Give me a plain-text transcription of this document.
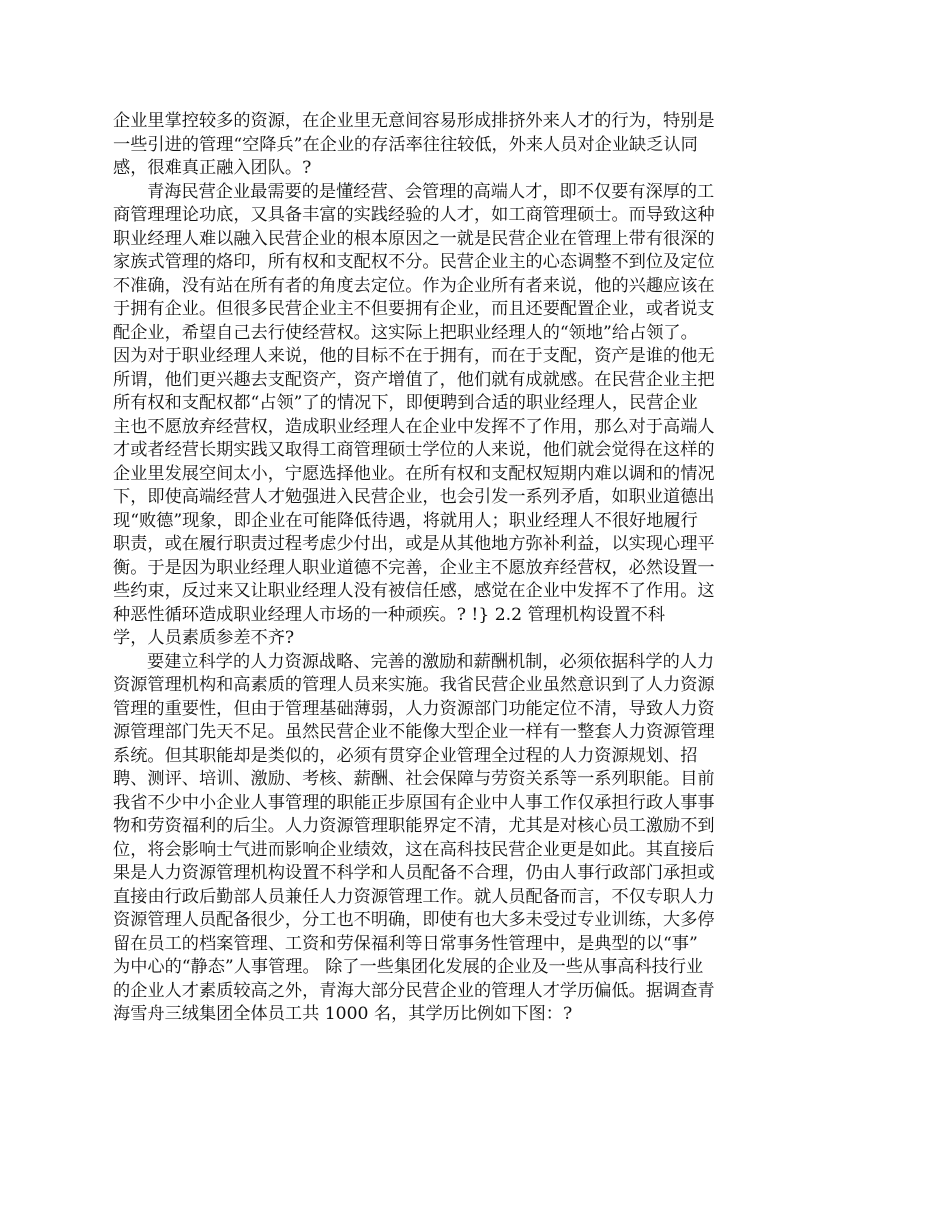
企业里掌控较多的资源，在企业里无意间容易形成排挤外来人才的行为，特别是
一些引进的管理“空降兵”在企业的存活率往往较低，外来人员对企业缺乏认同
感，很难真正融入团队。?
青海民营企业最需要的是懂经营、会管理的高端人才，即不仅要有深厚的工
商管理理论功底，又具备丰富的实践经验的人才，如工商管理硕士。而导致这种
职业经理人难以融入民营企业的根本原因之一就是民营企业在管理上带有很深的
家族式管理的烙印，所有权和支配权不分。民营企业主的心态调整不到位及定位
不准确，没有站在所有者的角度去定位。作为企业所有者来说，他的兴趣应该在
于拥有企业。但很多民营企业主不但要拥有企业，而且还要配置企业，或者说支
配企业，希望自己去行使经营权。这实际上把职业经理人的“领地”给占领了。
因为对于职业经理人来说，他的目标不在于拥有，而在于支配，资产是谁的他无
所谓，他们更兴趣去支配资产，资产增值了，他们就有成就感。在民营企业主把
所有权和支配权都“占领”了的情况下，即便聘到合适的职业经理人，民营企业
主也不愿放弃经营权，造成职业经理人在企业中发挥不了作用，那么对于高端人
才或者经营长期实践又取得工商管理硕士学位的人来说，他们就会觉得在这样的
企业里发展空间太小，宁愿选择他业。在所有权和支配权短期内难以调和的情况
下，即使高端经营人才勉强进入民营企业，也会引发一系列矛盾，如职业道德出
现“败德”现象，即企业在可能降低待遇，将就用人；职业经理人不很好地履行
职责，或在履行职责过程考虑少付出，或是从其他地方弥补利益，以实现心理平
衡。于是因为职业经理人职业道德不完善，企业主不愿放弃经营权，必然设置一
些约束，反过来又让职业经理人没有被信任感，感觉在企业中发挥不了作用。这
种恶性循环造成职业经理人市场的一种顽疾。? !} 2.2 管理机构设置不科
学，人员素质参差不齐?
要建立科学的人力资源战略、完善的激励和薪酬机制，必须依据科学的人力
资源管理机构和高素质的管理人员来实施。我省民营企业虽然意识到了人力资源
管理的重要性，但由于管理基础薄弱，人力资源部门功能定位不清，导致人力资
源管理部门先天不足。虽然民营企业不能像大型企业一样有一整套人力资源管理
系统。但其职能却是类似的，必须有贯穿企业管理全过程的人力资源规划、招
聘、测评、培训、激励、考核、薪酬、社会保障与劳资关系等一系列职能。目前
我省不少中小企业人事管理的职能正步原国有企业中人事工作仅承担行政人事事
物和劳资福利的后尘。人力资源管理职能界定不清，尤其是对核心员工激励不到
位，将会影响士气进而影响企业绩效，这在高科技民营企业更是如此。其直接后
果是人力资源管理机构设置不科学和人员配备不合理，仍由人事行政部门承担或
直接由行政后勤部人员兼任人力资源管理工作。就人员配备而言，不仅专职人力
资源管理人员配备很少，分工也不明确，即使有也大多未受过专业训练，大多停
留在员工的档案管理、工资和劳保福利等日常事务性管理中，是典型的以“事”
为中心的“静态”人事管理。 除了一些集团化发展的企业及一些从事高科技行业
的企业人才素质较高之外，青海大部分民营企业的管理人才学历偏低。据调查青
海雪舟三绒集团全体员工共 1000 名，其学历比例如下图：?
